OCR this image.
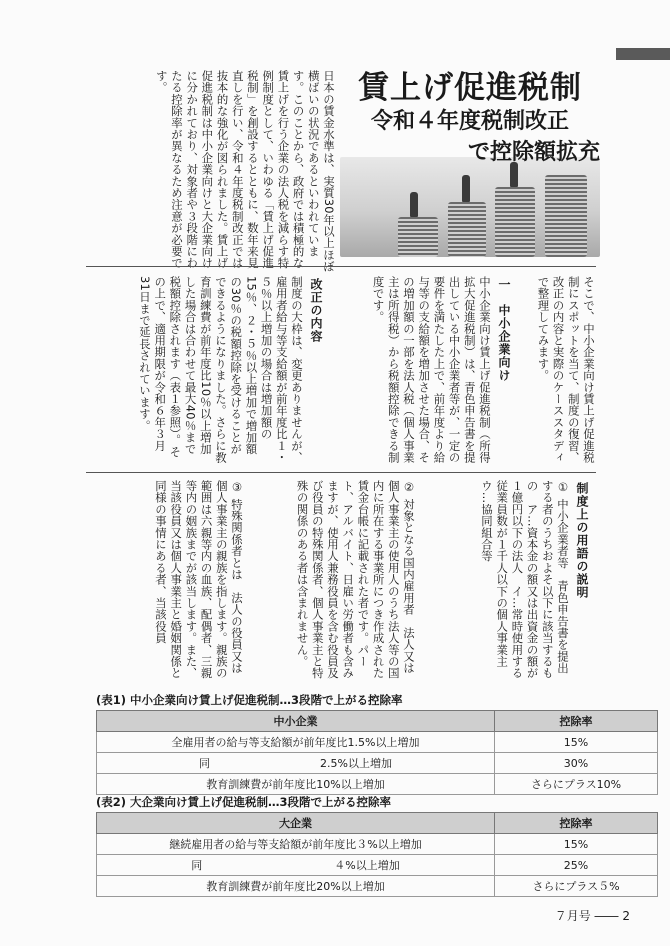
賃上げ促進税制
令和４年度税制改正
で控除額拡充
日本の賃金水準は、実質30年以上ほぼ横ばいの状況であるといわれています。このことから、政府では積極的な賃上げを行う企業の法人税を減らす特例制度として、いわゆる「賃上げ促進税制」を創設するとともに、数年来見直しを行い、令和４年度税制改正では抜本的な強化が図られました。賃上げ促進税制は中小企業向けと大企業向けに分かれており、対象者や３段階にわたる控除率が異なるため注意が必要です。
そこで、中小企業向け賃上げ促進税制にスポットを当て、制度の復習、改正の内容と実際のケーススタディで整理してみます。
一　中小企業向け
中小企業向け賃上げ促進税制（所得拡大促進税制）は、青色申告書を提出している中小企業者等が、一定の要件を満たした上で、前年度より給与等の支給額を増加させた場合、その増加額の一部を法人税（個人事業主は所得税）から税額控除できる制度です。
改正の内容
制度の大枠は、変更ありませんが、雇用者給与等支給額が前年度比１・５％以上増加の場合は増加額の15％、２・５％以上増加で増加額の30％の税額控除を受けることができるようになりました。さらに教育訓練費が前年度比10％以上増加した場合は合わせて最大40％まで税額控除されます（表１参照）。その上で、適用期限が令和６年３月31日まで延長されています。
制度上の用語の説明
① 中小企業者等　青色申告書を提出する者のうちおよそ以下に該当するもの　ア…資本金の額又は出資金の額が１億円以下の法人　イ…常時使用する従業員数が１千人以下の個人事業主　ウ…協同組合等
② 対象となる国内雇用者　法人又は個人事業主の使用人のうち法人等の国内に所在する事業所につき作成された賃金台帳に記載された者です。パート、アルバイト、日雇い労働者も含みますが、使用人兼務役員を含む役員及び役員の特殊関係者、個人事業主と特殊の関係のある者は含まれません。
③ 特殊関係者とは　法人の役員又は個人事業主の親族を指します。親族の範囲は六親等内の血族、配偶者、三親等内の姻族までが該当します。また、当該役員又は個人事業主と婚姻関係と同様の事情にある者、当該役員
(表1) 中小企業向け賃上げ促進税制…3段階で上がる控除率
中小企業	控除率
全雇用者の給与等支給額が前年度比1.5%以上増加	15%
同　　　　　　　　　　2.5%以上増加	30%
教育訓練費が前年度比10%以上増加	さらにプラス10%
(表2) 大企業向け賃上げ促進税制…3段階で上がる控除率
大企業	控除率
継続雇用者の給与等支給額が前年度比３%以上増加	15%
同　　　　　　　　　　　　４%以上増加	25%
教育訓練費が前年度比20%以上増加	さらにプラス５%
７月号 ―― 2
